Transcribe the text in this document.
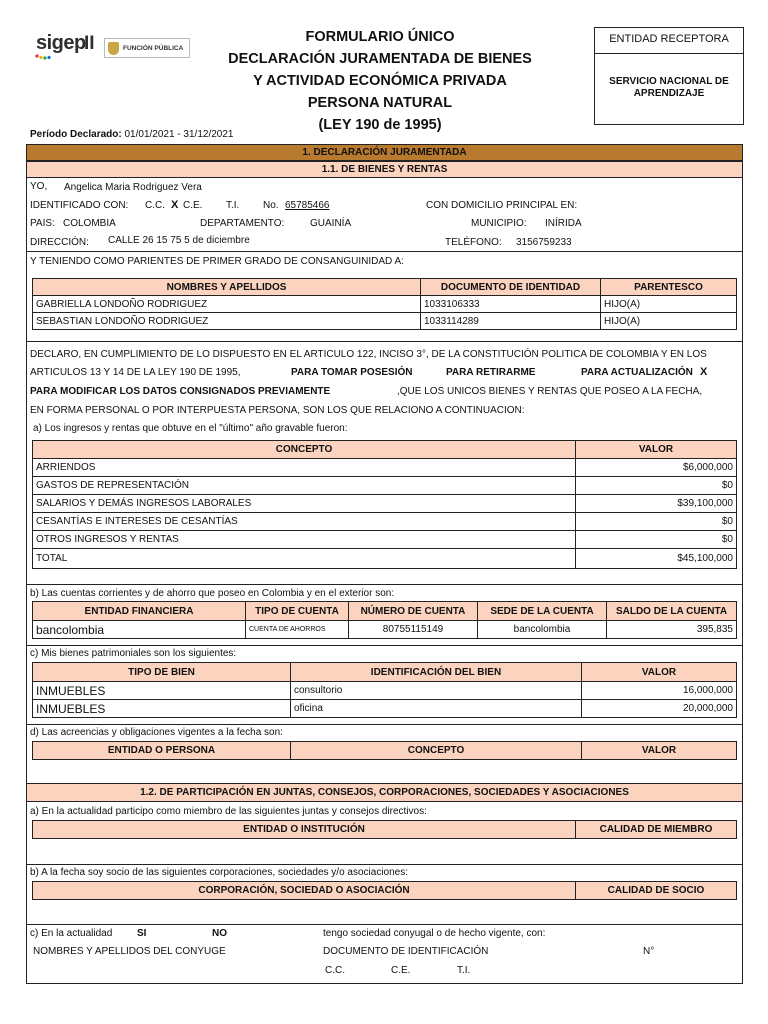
sigep
II	FUNCIÓN PÚBLICA
FORMULARIO ÚNICO
DECLARACIÓN JURAMENTADA DE BIENES
Y ACTIVIDAD ECONÓMICA PRIVADA
PERSONA NATURAL
(LEY 190 de 1995)
ENTIDAD RECEPTORA
SERVICIO NACIONAL DE APRENDIZAJE
Período Declarado: 01/01/2021 - 31/12/2021
1. DECLARACIÓN JURAMENTADA
1.1. DE BIENES Y RENTAS
YO, Angelica Maria Rodriguez Vera
IDENTIFICADO CON: C.C. X C.E. T.I. No. 65785466	CON DOMICILIO PRINCIPAL EN:
PAIS: COLOMBIA	DEPARTAMENTO:	GUAINÍA	MUNICIPIO: INÍRIDA
DIRECCIÓN: CALLE 26 15 75 5 de diciembre	TELÉFONO: 3156759233
Y TENIENDO COMO PARIENTES DE PRIMER GRADO DE CONSANGUINIDAD A:
NOMBRES Y APELLIDOS	DOCUMENTO DE IDENTIDAD	PARENTESCO
GABRIELLA LONDOÑO RODRIGUEZ	1033106333	HIJO(A)
SEBASTIAN LONDOÑO RODRIGUEZ	1033114289	HIJO(A)
DECLARO, EN CUMPLIMIENTO DE LO DISPUESTO EN EL ARTICULO 122, INCISO 3°, DE LA CONSTITUCIÓN POLITICA DE COLOMBIA Y EN LOS
ARTICULOS 13 Y 14 DE LA LEY 190 DE 1995,	PARA TOMAR POSESIÓN	PARA RETIRARME	PARA ACTUALIZACIÓN X
PARA MODIFICAR LOS DATOS CONSIGNADOS PREVIAMENTE	,QUE LOS UNICOS BIENES Y RENTAS QUE POSEO A LA FECHA,
EN FORMA PERSONAL O POR INTERPUESTA PERSONA, SON LOS QUE RELACIONO A CONTINUACION:
a) Los ingresos y rentas que obtuve en el "último" año gravable fueron:
CONCEPTO	VALOR
ARRIENDOS	$6,000,000
GASTOS DE REPRESENTACIÓN	$0
SALARIOS Y DEMÁS INGRESOS LABORALES	$39,100,000
CESANTÍAS E INTERESES DE CESANTÍAS	$0
OTROS INGRESOS Y RENTAS	$0
TOTAL	$45,100,000
b) Las cuentas corrientes y de ahorro que poseo en Colombia y en el exterior son:
ENTIDAD FINANCIERA	TIPO DE CUENTA	NÚMERO DE CUENTA	SEDE DE LA CUENTA	SALDO DE LA CUENTA
bancolombia	CUENTA DE AHORROS	80755115149	bancolombia	395,835
c) Mis bienes patrimoniales son los siguientes:
TIPO DE BIEN	IDENTIFICACIÓN DEL BIEN	VALOR
INMUEBLES	consultorio	16,000,000
INMUEBLES	oficina	20,000,000
d) Las acreencias y obligaciones vigentes a la fecha son:
ENTIDAD O PERSONA	CONCEPTO	VALOR
1.2. DE PARTICIPACIÓN EN JUNTAS, CONSEJOS, CORPORACIONES, SOCIEDADES Y ASOCIACIONES
a) En la actualidad participo como miembro de las siguientes juntas y consejos directivos:
ENTIDAD O INSTITUCIÓN	CALIDAD DE MIEMBRO
b) A la fecha soy socio de las siguientes corporaciones, sociedades y/o asociaciones:
CORPORACIÓN, SOCIEDAD O ASOCIACIÓN	CALIDAD DE SOCIO
c) En la actualidad SI	NO	tengo sociedad conyugal o de hecho vigente, con:
NOMBRES Y APELLIDOS DEL CONYUGE	DOCUMENTO DE IDENTIFICACIÓN	N°
C.C.	C.E.	T.I.
